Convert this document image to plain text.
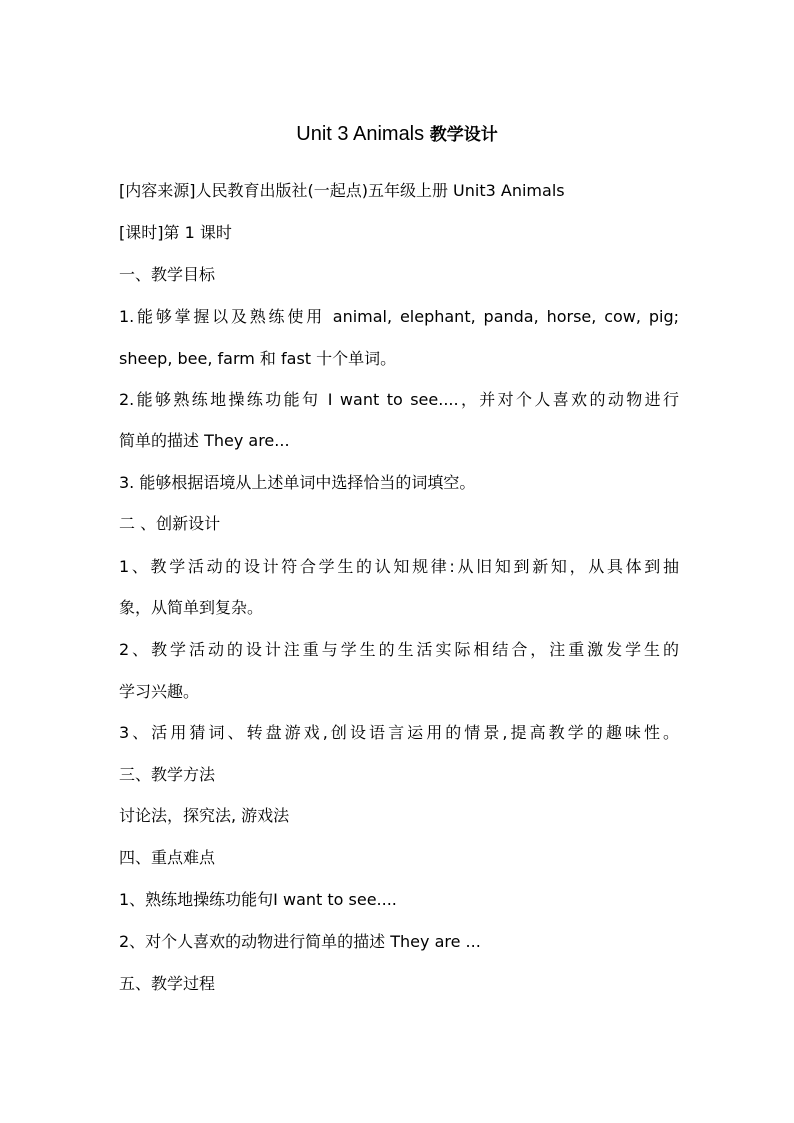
Unit 3 Animals 教学设计

[内容来源]人民教育出版社(一起点)五年级上册 Unit3 Animals

[课时]第 1 课时

一、教学目标

1.能够掌握以及熟练使用 animal, elephant, panda, horse, cow, pig;

sheep, bee, farm 和 fast 十个单词。

2.能够熟练地操练功能句 I want to see....，并对个人喜欢的动物进行

简单的描述 They are...

3. 能够根据语境从上述单词中选择恰当的词填空。

二 、创新设计

1、教学活动的设计符合学生的认知规律:从旧知到新知，从具体到抽

象，从简单到复杂。

2、教学活动的设计注重与学生的生活实际相结合，注重激发学生的

学习兴趣。

3、活用猜词、转盘游戏,创设语言运用的情景,提高教学的趣味性。

三、教学方法

讨论法，探究法, 游戏法

四、重点难点

1、熟练地操练功能句I want to see....

2、对个人喜欢的动物进行简单的描述 They are ...

五、教学过程
